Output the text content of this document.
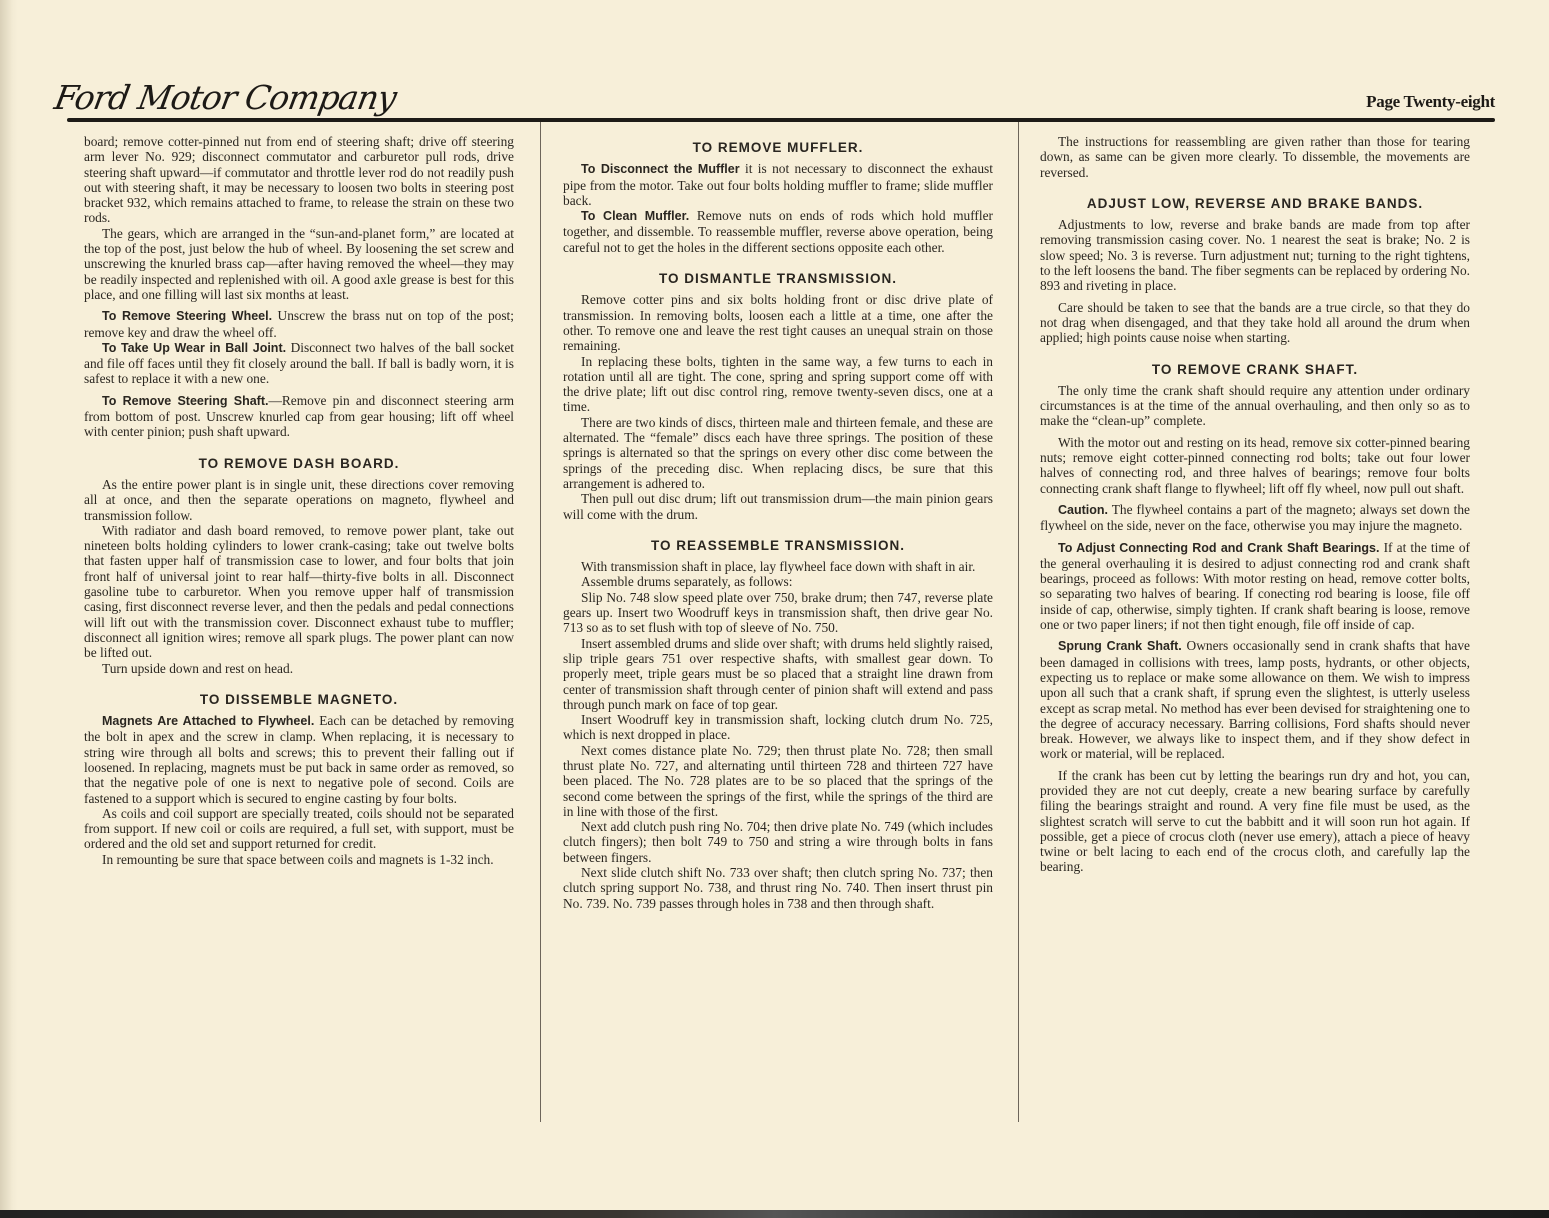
Ford Motor Company	Page Twenty-eight

board; remove cotter-pinned nut from end of steering shaft; drive off steering arm lever No. 929; disconnect commutator and carburetor pull rods, drive steering shaft upward—if commutator and throttle lever rod do not readily push out with steering shaft, it may be necessary to loosen two bolts in steering post bracket 932, which remains attached to frame, to release the strain on these two rods.

The gears, which are arranged in the “sun-and-planet form,” are located at the top of the post, just below the hub of wheel. By loosening the set screw and unscrewing the knurled brass cap—after having removed the wheel—they may be readily inspected and replenished with oil. A good axle grease is best for this place, and one filling will last six months at least.

To Remove Steering Wheel. Unscrew the brass nut on top of the post; remove key and draw the wheel off.

To Take Up Wear in Ball Joint. Disconnect two halves of the ball socket and file off faces until they fit closely around the ball. If ball is badly worn, it is safest to replace it with a new one.

To Remove Steering Shaft.—Remove pin and disconnect steering arm from bottom of post. Unscrew knurled cap from gear housing; lift off wheel with center pinion; push shaft upward.

TO REMOVE DASH BOARD.

As the entire power plant is in single unit, these directions cover removing all at once, and then the separate operations on magneto, flywheel and transmission follow.

With radiator and dash board removed, to remove power plant, take out nineteen bolts holding cylinders to lower crank-casing; take out twelve bolts that fasten upper half of transmission case to lower, and four bolts that join front half of universal joint to rear half—thirty-five bolts in all. Disconnect gasoline tube to carburetor. When you remove upper half of transmission casing, first disconnect reverse lever, and then the pedals and pedal connections will lift out with the transmission cover. Disconnect exhaust tube to muffler; disconnect all ignition wires; remove all spark plugs. The power plant can now be lifted out.

Turn upside down and rest on head.

TO DISSEMBLE MAGNETO.

Magnets Are Attached to Flywheel. Each can be detached by removing the bolt in apex and the screw in clamp. When replacing, it is necessary to string wire through all bolts and screws; this to prevent their falling out if loosened. In replacing, magnets must be put back in same order as removed, so that the negative pole of one is next to negative pole of second. Coils are fastened to a support which is secured to engine casting by four bolts.

As coils and coil support are specially treated, coils should not be separated from support. If new coil or coils are required, a full set, with support, must be ordered and the old set and support returned for credit.

In remounting be sure that space between coils and magnets is 1-32 inch.

TO REMOVE MUFFLER.

To Disconnect the Muffler it is not necessary to disconnect the exhaust pipe from the motor. Take out four bolts holding muffler to frame; slide muffler back.

To Clean Muffler. Remove nuts on ends of rods which hold muffler together, and dissemble. To reassemble muffler, reverse above operation, being careful not to get the holes in the different sections opposite each other.

TO DISMANTLE TRANSMISSION.

Remove cotter pins and six bolts holding front or disc drive plate of transmission. In removing bolts, loosen each a little at a time, one after the other. To remove one and leave the rest tight causes an unequal strain on those remaining.

In replacing these bolts, tighten in the same way, a few turns to each in rotation until all are tight. The cone, spring and spring support come off with the drive plate; lift out disc control ring, remove twenty-seven discs, one at a time.

There are two kinds of discs, thirteen male and thirteen female, and these are alternated. The “female” discs each have three springs. The position of these springs is alternated so that the springs on every other disc come between the springs of the preceding disc. When replacing discs, be sure that this arrangement is adhered to.

Then pull out disc drum; lift out transmission drum—the main pinion gears will come with the drum.

TO REASSEMBLE TRANSMISSION.

With transmission shaft in place, lay flywheel face down with shaft in air.

Assemble drums separately, as follows:

Slip No. 748 slow speed plate over 750, brake drum; then 747, reverse plate gears up. Insert two Woodruff keys in transmission shaft, then drive gear No. 713 so as to set flush with top of sleeve of No. 750.

Insert assembled drums and slide over shaft; with drums held slightly raised, slip triple gears 751 over respective shafts, with smallest gear down. To properly meet, triple gears must be so placed that a straight line drawn from center of transmission shaft through center of pinion shaft will extend and pass through punch mark on face of top gear.

Insert Woodruff key in transmission shaft, locking clutch drum No. 725, which is next dropped in place.

Next comes distance plate No. 729; then thrust plate No. 728; then small thrust plate No. 727, and alternating until thirteen 728 and thirteen 727 have been placed. The No. 728 plates are to be so placed that the springs of the second come between the springs of the first, while the springs of the third are in line with those of the first.

Next add clutch push ring No. 704; then drive plate No. 749 (which includes clutch fingers); then bolt 749 to 750 and string a wire through bolts in fans between fingers.

Next slide clutch shift No. 733 over shaft; then clutch spring No. 737; then clutch spring support No. 738, and thrust ring No. 740. Then insert thrust pin No. 739. No. 739 passes through holes in 738 and then through shaft.

The instructions for reassembling are given rather than those for tearing down, as same can be given more clearly. To dissemble, the movements are reversed.

ADJUST LOW, REVERSE AND BRAKE BANDS.

Adjustments to low, reverse and brake bands are made from top after removing transmission casing cover. No. 1 nearest the seat is brake; No. 2 is slow speed; No. 3 is reverse. Turn adjustment nut; turning to the right tightens, to the left loosens the band. The fiber segments can be replaced by ordering No. 893 and riveting in place.

Care should be taken to see that the bands are a true circle, so that they do not drag when disengaged, and that they take hold all around the drum when applied; high points cause noise when starting.

TO REMOVE CRANK SHAFT.

The only time the crank shaft should require any attention under ordinary circumstances is at the time of the annual overhauling, and then only so as to make the “clean-up” complete.

With the motor out and resting on its head, remove six cotter-pinned bearing nuts; remove eight cotter-pinned connecting rod bolts; take out four lower halves of connecting rod, and three halves of bearings; remove four bolts connecting crank shaft flange to flywheel; lift off fly wheel, now pull out shaft.

Caution. The flywheel contains a part of the magneto; always set down the flywheel on the side, never on the face, otherwise you may injure the magneto.

To Adjust Connecting Rod and Crank Shaft Bearings. If at the time of the general overhauling it is desired to adjust connecting rod and crank shaft bearings, proceed as follows: With motor resting on head, remove cotter bolts, so separating two halves of bearing. If conecting rod bearing is loose, file off inside of cap, otherwise, simply tighten. If crank shaft bearing is loose, remove one or two paper liners; if not then tight enough, file off inside of cap.

Sprung Crank Shaft. Owners occasionally send in crank shafts that have been damaged in collisions with trees, lamp posts, hydrants, or other objects, expecting us to replace or make some allowance on them. We wish to impress upon all such that a crank shaft, if sprung even the slightest, is utterly useless except as scrap metal. No method has ever been devised for straightening one to the degree of accuracy necessary. Barring collisions, Ford shafts should never break. However, we always like to inspect them, and if they show defect in work or material, will be replaced.

If the crank has been cut by letting the bearings run dry and hot, you can, provided they are not cut deeply, create a new bearing surface by carefully filing the bearings straight and round. A very fine file must be used, as the slightest scratch will serve to cut the babbitt and it will soon run hot again. If possible, get a piece of crocus cloth (never use emery), attach a piece of heavy twine or belt lacing to each end of the crocus cloth, and carefully lap the bearing.
